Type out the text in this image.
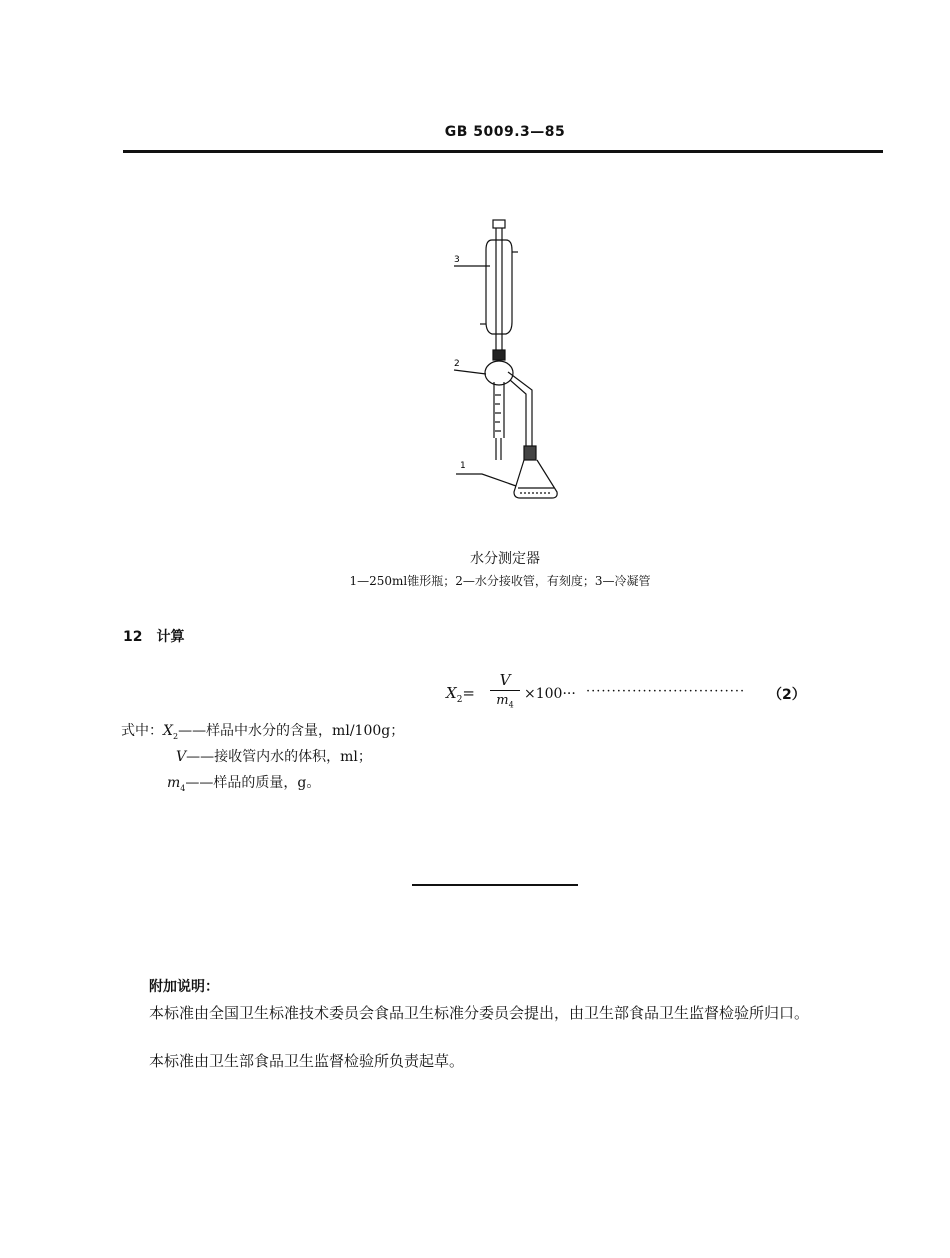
GB 5009.3—85
3
2
1
水分测定器
1—250ml锥形瓶；2—水分接收管，有刻度；3—冷凝管
12 计算
$X_2=$
V
$m_4$
×100··· ······························· （2）
式中：$X_2——$样品中水分的含量，ml/100g；
V——接收管内水的体积，ml；
$m_4——$样品的质量，g。
附加说明：
本标准由全国卫生标准技术委员会食品卫生标准分委员会提出，由卫生部食品卫生监督检验所归口。
本标准由卫生部食品卫生监督检验所负责起草。
